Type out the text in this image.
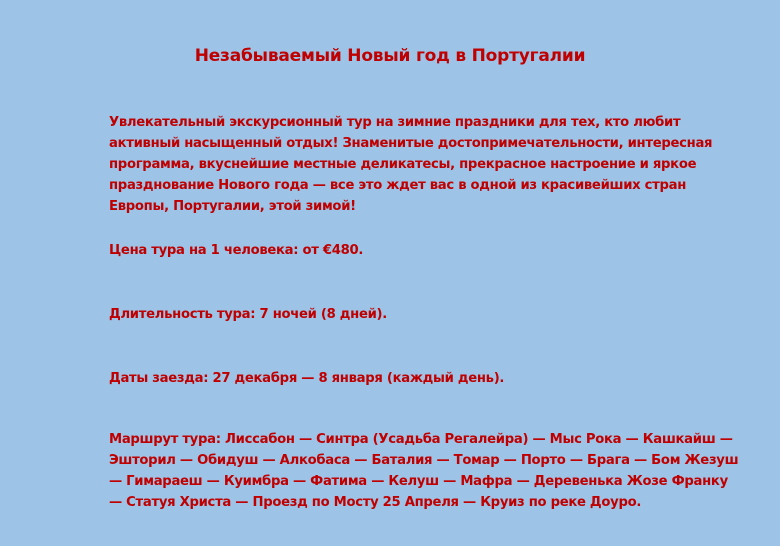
Незабываемый Новый год в Португалии

Увлекательный экскурсионный тур на зимние праздники для тех, кто любит активный насыщенный отдых! Знаменитые достопримечательности, интересная программа, вкуснейшие местные деликатесы, прекрасное настроение и яркое празднование Нового года — все это ждет вас в одной из красивейших стран Европы, Португалии, этой зимой!

Цена тура на 1 человека: от €480.

Длительность тура: 7 ночей (8 дней).

Даты заезда: 27 декабря — 8 января (каждый день).

Маршрут тура: Лиссабон — Синтра (Усадьба Регалейра) — Мыс Рока — Кашкайш — Эшторил — Обидуш — Алкобаса — Баталия — Томар — Порто — Брага — Бом Жезуш — Гимараеш — Куимбра — Фатима — Келуш — Мафра — Деревенька Жозе Франку — Статуя Христа — Проезд по Мосту 25 Апреля — Круиз по реке Доуро.
